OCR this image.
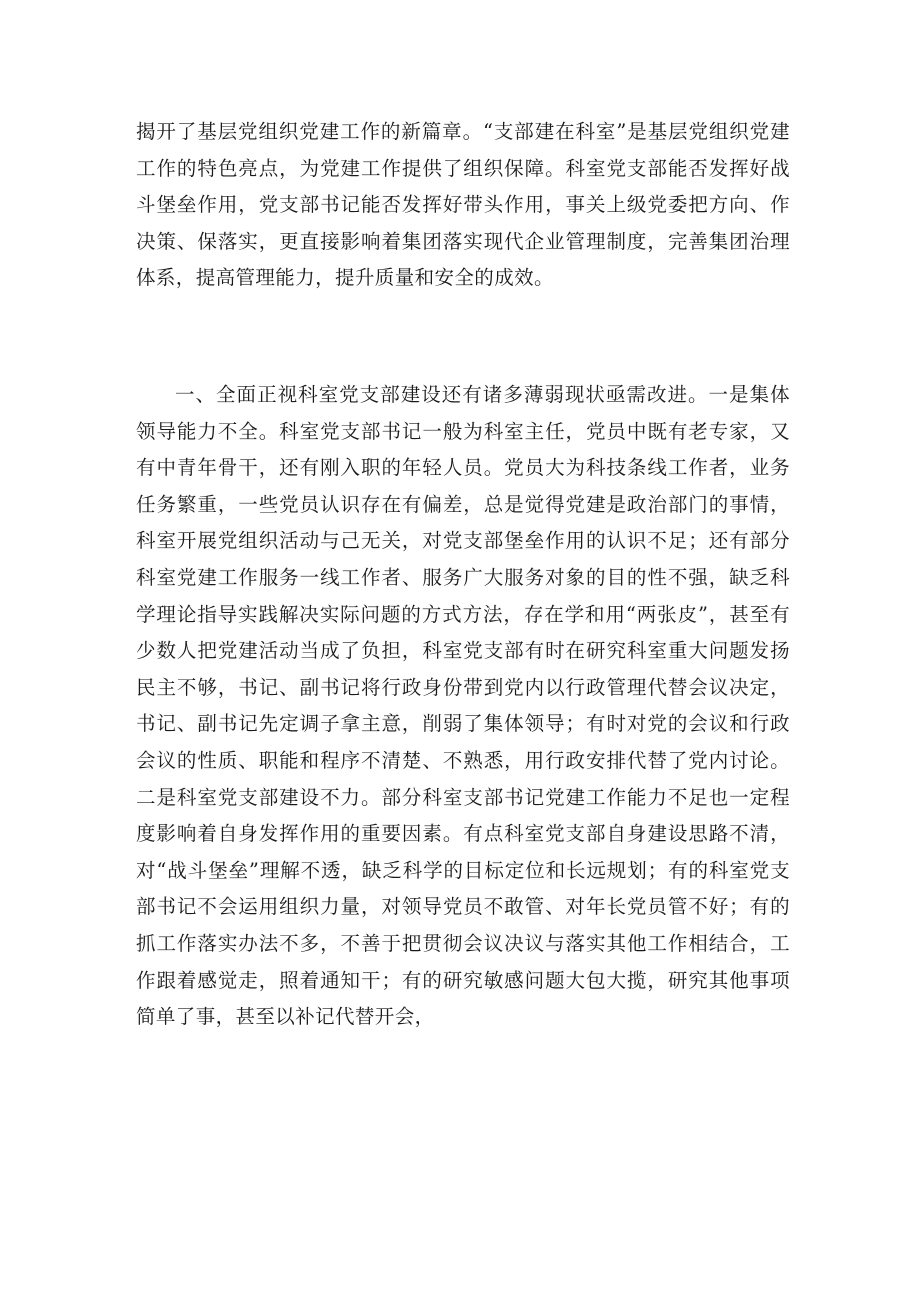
揭开了基层党组织党建工作的新篇章。“支部建在科室”是基层党组织党建工作的特色亮点，为党建工作提供了组织保障。科室党支部能否发挥好战斗堡垒作用，党支部书记能否发挥好带头作用，事关上级党委把方向、作决策、保落实，更直接影响着集团落实现代企业管理制度，完善集团治理体系，提高管理能力，提升质量和安全的成效。

一、全面正视科室党支部建设还有诸多薄弱现状亟需改进。一是集体领导能力不全。科室党支部书记一般为科室主任，党员中既有老专家，又有中青年骨干，还有刚入职的年轻人员。党员大为科技条线工作者，业务任务繁重，一些党员认识存在有偏差，总是觉得党建是政治部门的事情，科室开展党组织活动与己无关，对党支部堡垒作用的认识不足；还有部分科室党建工作服务一线工作者、服务广大服务对象的目的性不强，缺乏科学理论指导实践解决实际问题的方式方法，存在学和用“两张皮”，甚至有少数人把党建活动当成了负担，科室党支部有时在研究科室重大问题发扬民主不够，书记、副书记将行政身份带到党内以行政管理代替会议决定，书记、副书记先定调子拿主意，削弱了集体领导；有时对党的会议和行政会议的性质、职能和程序不清楚、不熟悉，用行政安排代替了党内讨论。二是科室党支部建设不力。部分科室支部书记党建工作能力不足也一定程度影响着自身发挥作用的重要因素。有点科室党支部自身建设思路不清，对“战斗堡垒”理解不透，缺乏科学的目标定位和长远规划；有的科室党支部书记不会运用组织力量，对领导党员不敢管、对年长党员管不好；有的抓工作落实办法不多，不善于把贯彻会议决议与落实其他工作相结合，工作跟着感觉走，照着通知干；有的研究敏感问题大包大揽，研究其他事项简单了事，甚至以补记代替开会，
